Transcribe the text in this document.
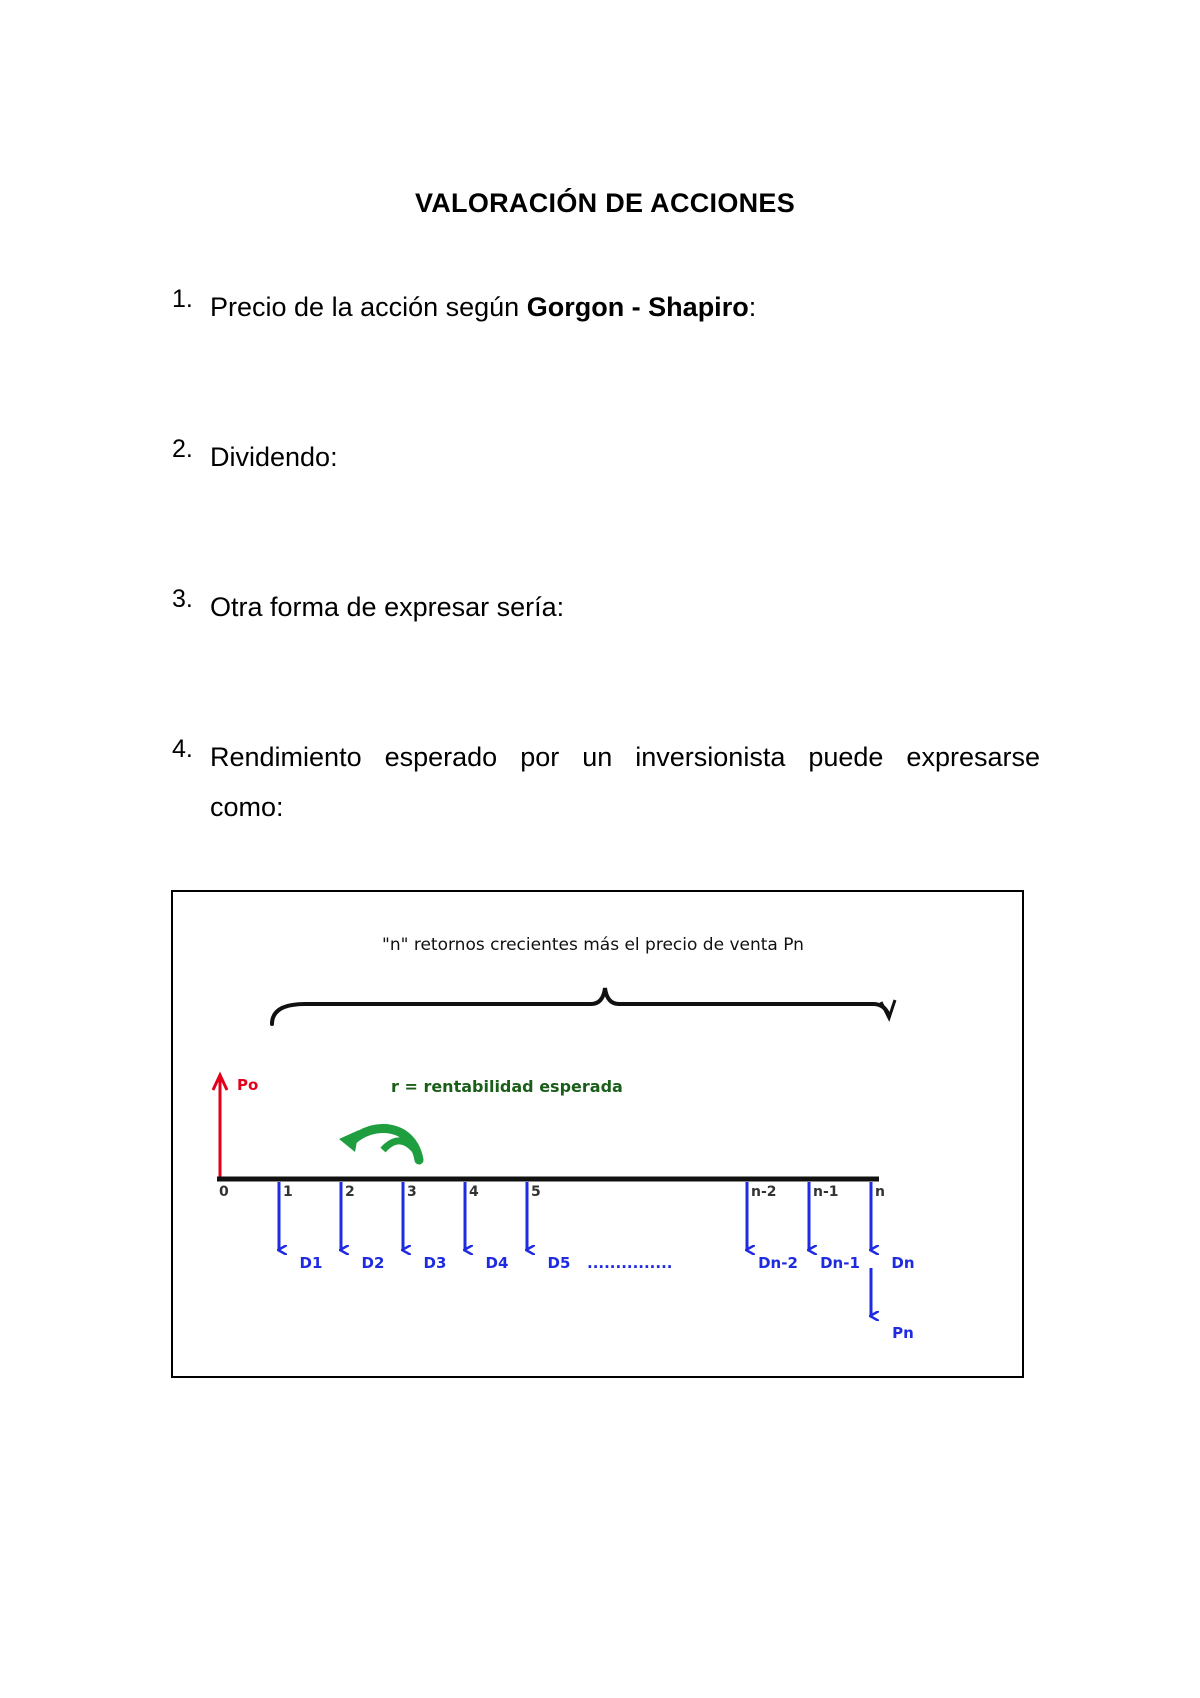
VALORACIÓN DE ACCIONES
1. Precio de la acción según Gorgon - Shapiro:
2. Dividendo:
3. Otra forma de expresar sería:
4. Rendimiento esperado por un inversionista puede expresarse
como:
"n" retornos crecientes más el precio de venta Pn
Po	r = rentabilidad esperada
0	1	2	3	4	5	n-2	n-1	n
D1	D2	D3	D4	D5 ...............	Dn-2 Dn-1 Dn
Pn
